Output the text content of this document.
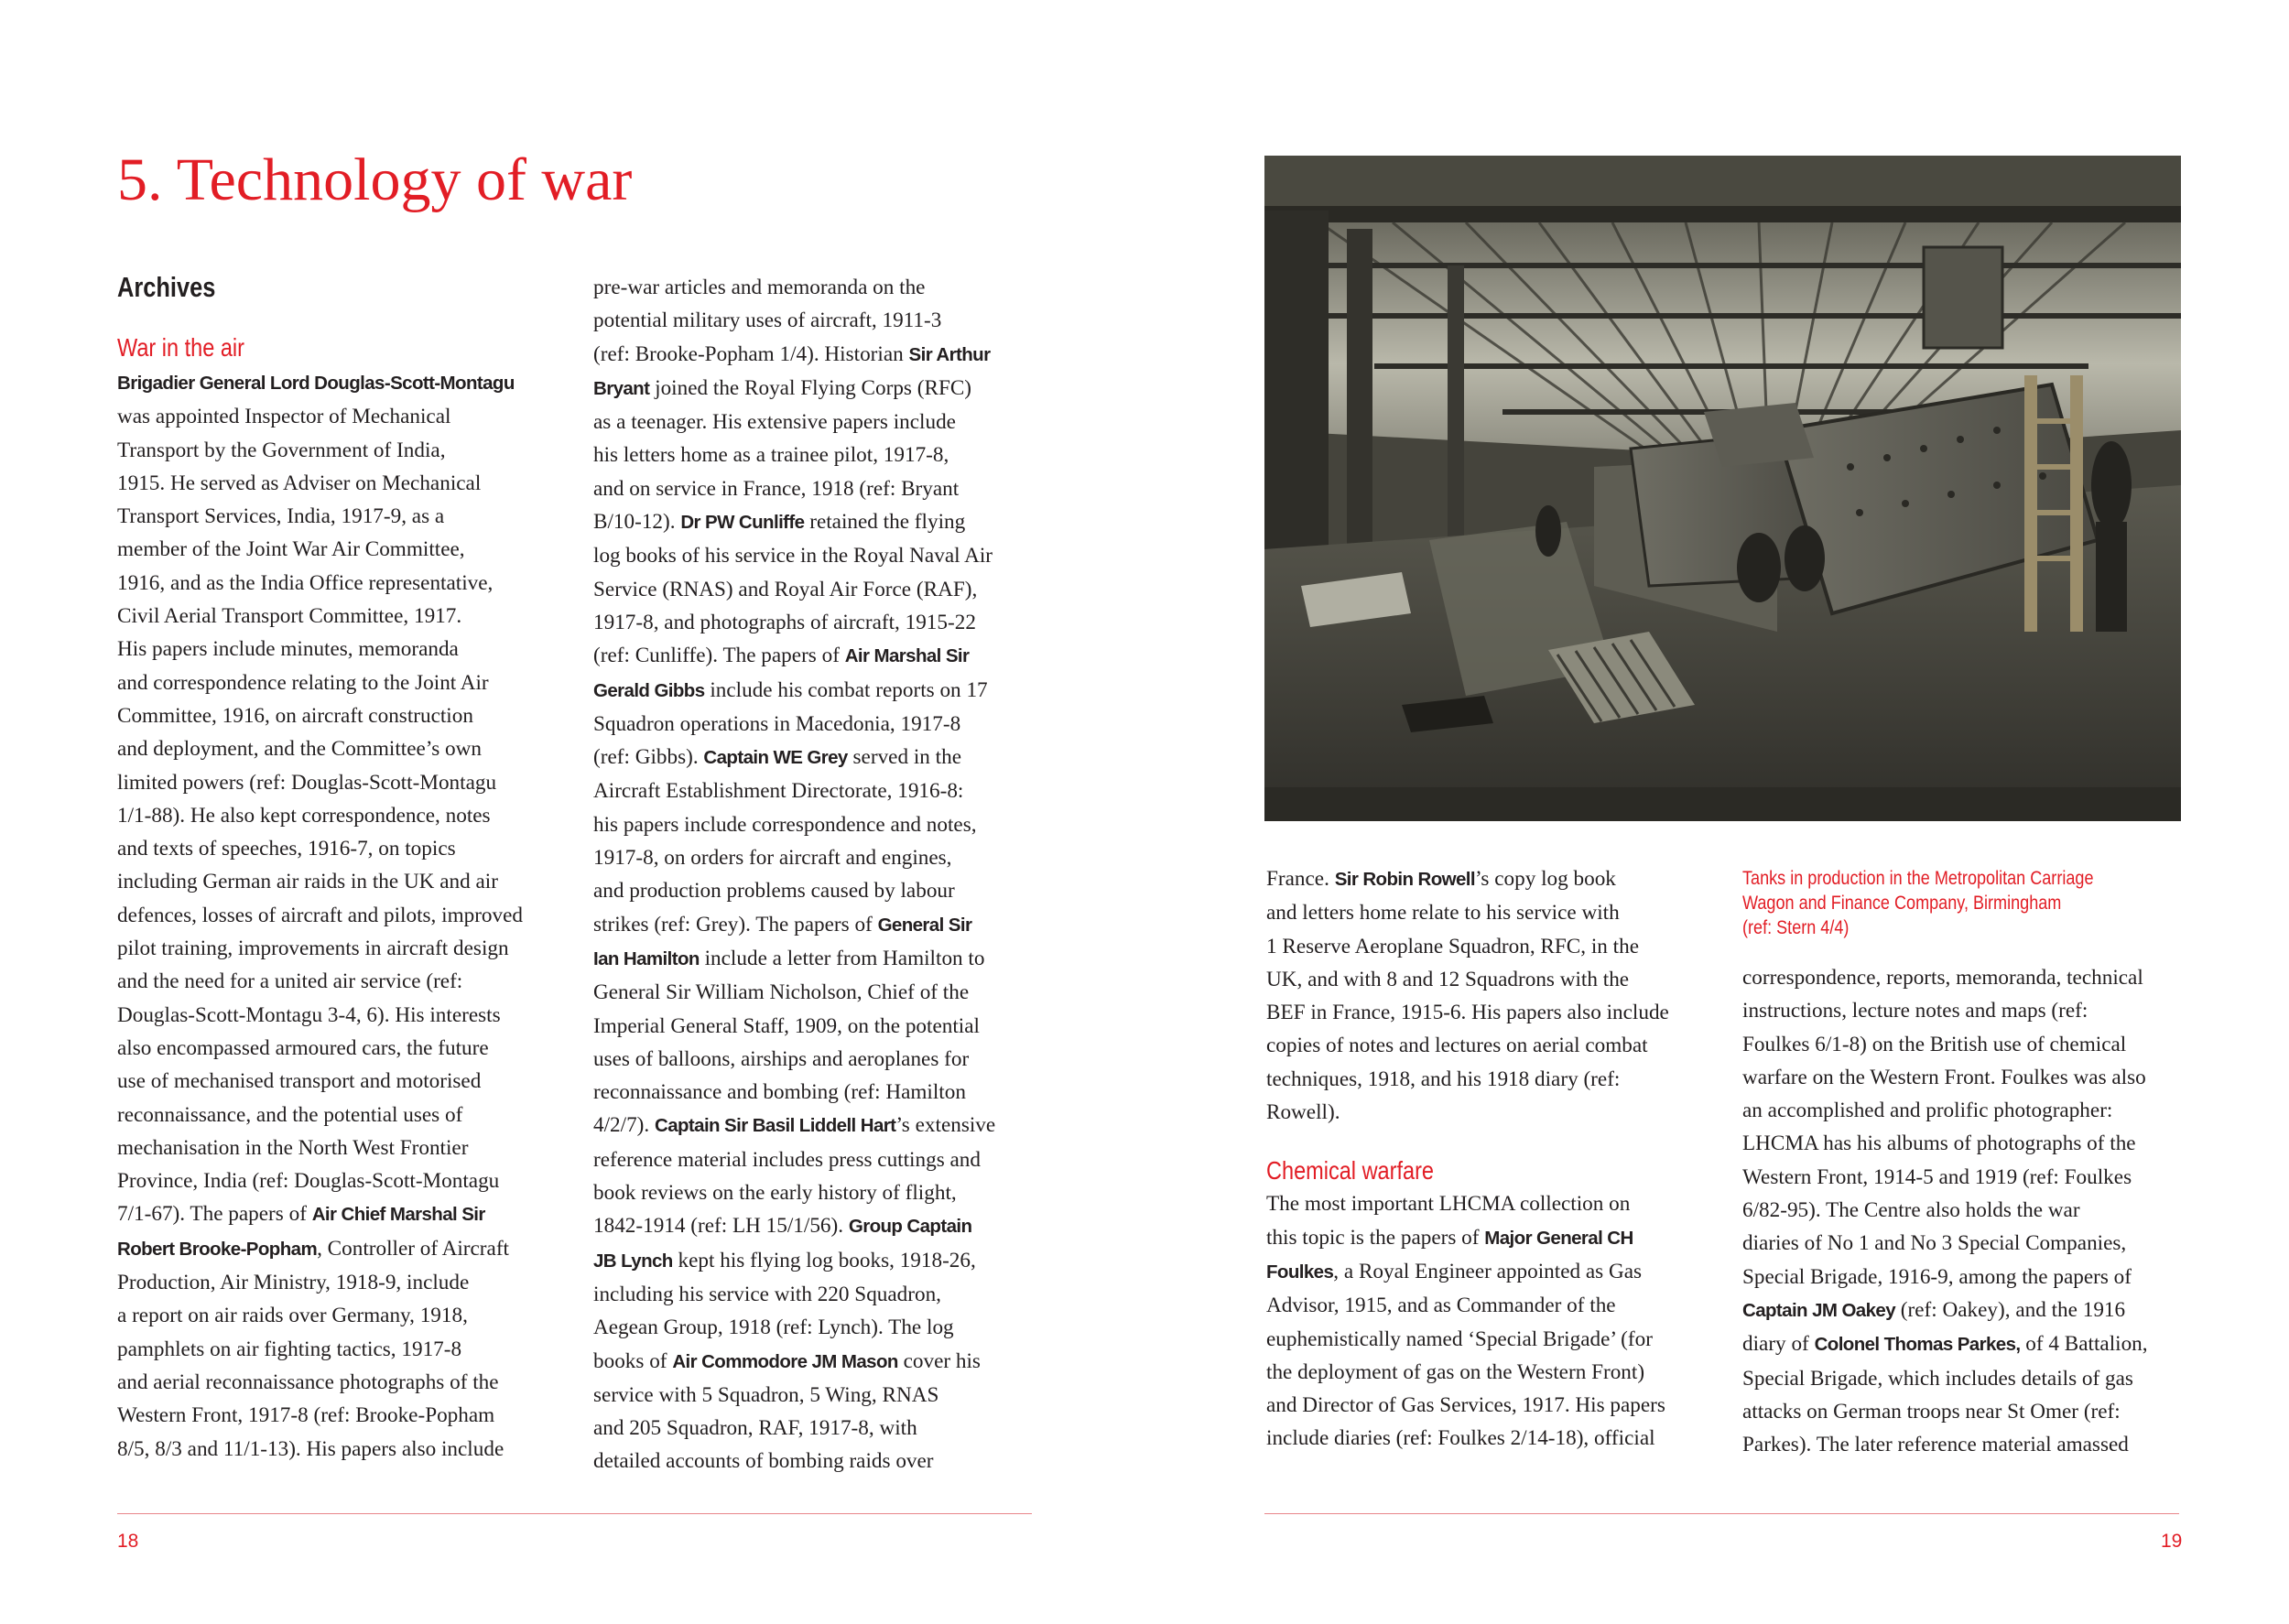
5. Technology of war
Archives

War in the air

Brigadier General Lord Douglas-Scott-Montagu
was appointed Inspector of Mechanical
Transport by the Government of India,
1915. He served as Adviser on Mechanical
Transport Services, India, 1917-9, as a
member of the Joint War Air Committee,
1916, and as the India Office representative,
Civil Aerial Transport Committee, 1917.
His papers include minutes, memoranda
and correspondence relating to the Joint Air
Committee, 1916, on aircraft construction
and deployment, and the Committee’s own
limited powers (ref: Douglas-Scott-Montagu
1/1-88). He also kept correspondence, notes
and texts of speeches, 1916-7, on topics
including German air raids in the UK and air
defences, losses of aircraft and pilots, improved
pilot training, improvements in aircraft design
and the need for a united air service (ref:
Douglas-Scott-Montagu 3-4, 6). His interests
also encompassed armoured cars, the future
use of mechanised transport and motorised
reconnaissance, and the potential uses of
mechanisation in the North West Frontier
Province, India (ref: Douglas-Scott-Montagu
7/1-67). The papers of Air Chief Marshal Sir
Robert Brooke-Popham, Controller of Aircraft
Production, Air Ministry, 1918-9, include
a report on air raids over Germany, 1918,
pamphlets on air fighting tactics, 1917-8
and aerial reconnaissance photographs of the
Western Front, 1917-8 (ref: Brooke-Popham
8/5, 8/3 and 11/1-13). His papers also include
pre-war articles and memoranda on the
potential military uses of aircraft, 1911-3
(ref: Brooke-Popham 1/4). Historian Sir Arthur
Bryant joined the Royal Flying Corps (RFC)
as a teenager. His extensive papers include
his letters home as a trainee pilot, 1917-8,
and on service in France, 1918 (ref: Bryant
B/10-12). Dr PW Cunliffe retained the flying
log books of his service in the Royal Naval Air
Service (RNAS) and Royal Air Force (RAF),
1917-8, and photographs of aircraft, 1915-22
(ref: Cunliffe). The papers of Air Marshal Sir
Gerald Gibbs include his combat reports on 17
Squadron operations in Macedonia, 1917-8
(ref: Gibbs). Captain WE Grey served in the
Aircraft Establishment Directorate, 1916-8:
his papers include correspondence and notes,
1917-8, on orders for aircraft and engines,
and production problems caused by labour
strikes (ref: Grey). The papers of General Sir
Ian Hamilton include a letter from Hamilton to
General Sir William Nicholson, Chief of the
Imperial General Staff, 1909, on the potential
uses of balloons, airships and aeroplanes for
reconnaissance and bombing (ref: Hamilton
4/2/7). Captain Sir Basil Liddell Hart’s extensive
reference material includes press cuttings and
book reviews on the early history of flight,
1842-1914 (ref: LH 15/1/56). Group Captain
JB Lynch kept his flying log books, 1918-26,
including his service with 220 Squadron,
Aegean Group, 1918 (ref: Lynch). The log
books of Air Commodore JM Mason cover his
service with 5 Squadron, 5 Wing, RNAS
and 205 Squadron, RAF, 1917-8, with
detailed accounts of bombing raids over
Tanks in production in the Metropolitan Carriage
Wagon and Finance Company, Birmingham
(ref: Stern 4/4)
France. Sir Robin Rowell’s copy log book
and letters home relate to his service with
1 Reserve Aeroplane Squadron, RFC, in the
UK, and with 8 and 12 Squadrons with the
BEF in France, 1915-6. His papers also include
copies of notes and lectures on aerial combat
techniques, 1918, and his 1918 diary (ref:
Rowell).

Chemical warfare

The most important LHCMA collection on
this topic is the papers of Major General CH
Foulkes, a Royal Engineer appointed as Gas
Advisor, 1915, and as Commander of the
euphemistically named ‘Special Brigade’ (for
the deployment of gas on the Western Front)
and Director of Gas Services, 1917. His papers
include diaries (ref: Foulkes 2/14-18), official
correspondence, reports, memoranda, technical
instructions, lecture notes and maps (ref:
Foulkes 6/1-8) on the British use of chemical
warfare on the Western Front. Foulkes was also
an accomplished and prolific photographer:
LHCMA has his albums of photographs of the
Western Front, 1914-5 and 1919 (ref: Foulkes
6/82-95). The Centre also holds the war
diaries of No 1 and No 3 Special Companies,
Special Brigade, 1916-9, among the papers of
Captain JM Oakey (ref: Oakey), and the 1916
diary of Colonel Thomas Parkes, of 4 Battalion,
Special Brigade, which includes details of gas
attacks on German troops near St Omer (ref:
Parkes). The later reference material amassed
18	19
